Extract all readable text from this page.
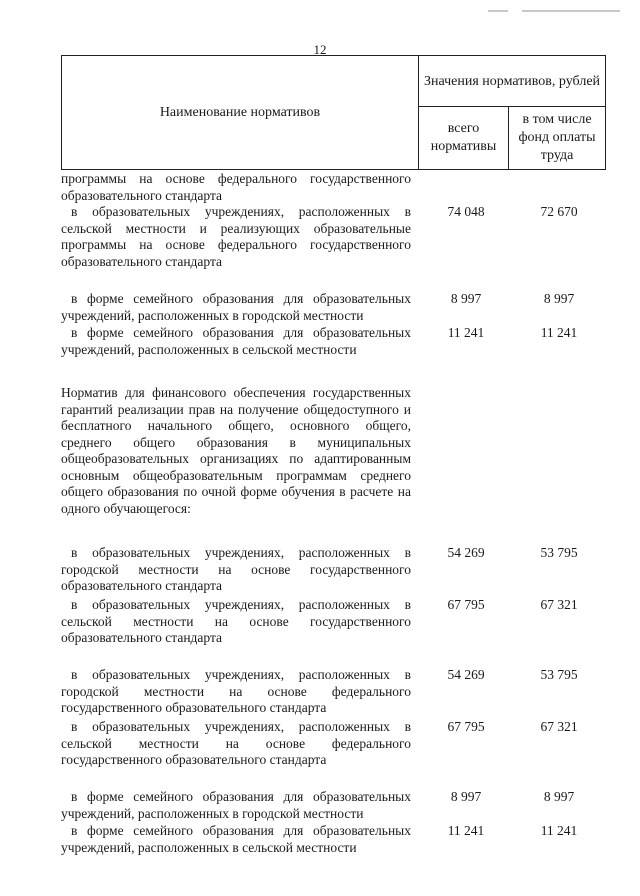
12
Наименование нормативов
Значения нормативов, рублей
всего нормативы
в том числе фонд оплаты труда
программы на основе федерального государственного образовательного стандарта
в образовательных учреждениях, расположенных в сельской местности и реализующих образовательные программы на основе федерального государственного образовательного стандарта
74 048	72 670
в форме семейного образования для образовательных учреждений, расположенных в городской местности
8 997	8 997
в форме семейного образования для образовательных учреждений, расположенных в сельской местности
11 241	11 241
Норматив для финансового обеспечения государственных гарантий реализации прав на получение общедоступного и бесплатного начального общего, основного общего, среднего общего образования в муниципальных общеобразовательных организациях по адаптированным основным общеобразовательным программам среднего общего образования по очной форме обучения в расчете на одного обучающегося:
в образовательных учреждениях, расположенных в городской местности на основе государственного образовательного стандарта
54 269	53 795
в образовательных учреждениях, расположенных в сельской местности на основе государственного образовательного стандарта
67 795	67 321
в образовательных учреждениях, расположенных в городской местности на основе федерального государственного образовательного стандарта
54 269	53 795
в образовательных учреждениях, расположенных в сельской местности на основе федерального государственного образовательного стандарта
67 795	67 321
в форме семейного образования для образовательных учреждений, расположенных в городской местности
8 997	8 997
в форме семейного образования для образовательных учреждений, расположенных в сельской местности
11 241	11 241
